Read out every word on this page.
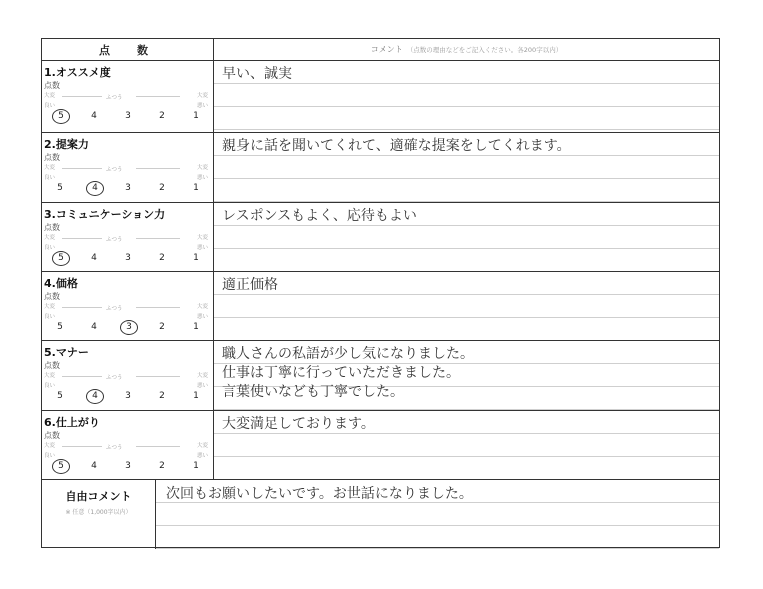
点　数	コメント （点数の理由などをご記入ください。各200字以内）
1.オススメ度
点数
大変	ふつう	大変
良い	悪い
5	4	3	2	1
早い、誠実
2.提案力
点数
大変	ふつう	大変
良い	悪い
5	4	3	2	1
親身に話を聞いてくれて、適確な提案をしてくれます。
3.コミュニケーション力
点数
大変	ふつう	大変
良い	悪い
5	4	3	2	1
レスポンスもよく、応待もよい
4.価格
点数
大変	ふつう	大変
良い	悪い
5	4	3	2	1
適正価格
5.マナー
点数
大変	ふつう	大変
良い	悪い
5	4	3	2	1
職人さんの私語が少し気になりました。
仕事は丁寧に行っていただきました。
言葉使いなども丁寧でした。
6.仕上がり
点数
大変	ふつう	大変
良い	悪い
5	4	3	2	1
大変満足しております。
自由コメント
※ 任意（1,000字以内）
次回もお願いしたいです。お世話になりました。
